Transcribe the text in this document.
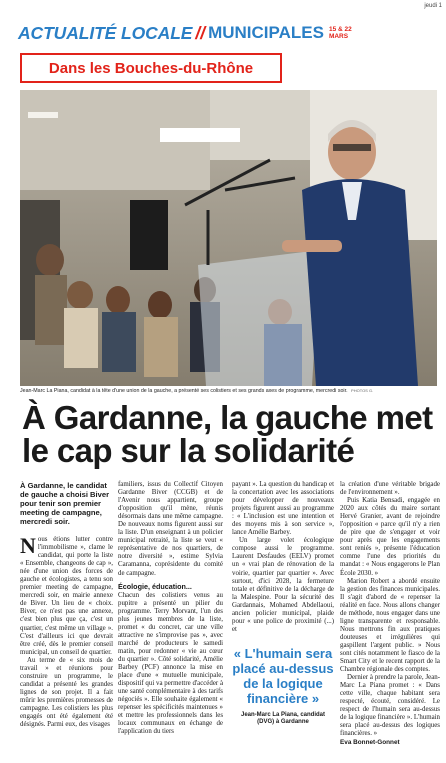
jeudi 1
ACTUALITÉ LOCALE // MUNICIPALES 15 & 22
MARS
Dans les Bouches-du-Rhône
Jean-Marc La Piana, candidat à la tête d'une union de la gauche, a présenté ses colistiers et ses grands axes de programme, mercredi soir. PHOTOS G.
À Gardanne, la gauche met le cap sur la solidarité
À Gardanne, le candidat de gauche a choisi Biver pour tenir son premier meeting de campagne, mercredi soir.

Nous étions lutter contre l'immobilisme », clame le candidat, qui porte la liste « Ensemble, changeons de cap », née d'une union des forces de gauche et écologistes, a tenu son premier meeting de campagne, mercredi soir, en mairie annexe de Biver. Un lieu de « choix. Biver, ce n'est pas une annexe, c'est bien plus que ça, c'est un quartier, c'est même un village ». C'est d'ailleurs ici que devrait être créé, dès le premier conseil municipal, un conseil de quartier.

Au terme de « six mois de travail » et réunions pour construire un programme, le candidat a présenté les grandes lignes de son projet. Il a fait mûrir les premières promesses de campagne. Les colistiers les plus engagés ont été également été désignés. Parmi eux, des visages

familiers, issus du Collectif Citoyen Gardanne Biver (CCGB) et de l'Avenir nous appartient, groupe d'opposition qu'il mène, réunis désormais dans une même campagne. De nouveaux noms figurent aussi sur la liste. D'un enseignant à un policier municipal retraité, la liste se veut « représentative de nos quartiers, de notre diversité », estime Sylvia Caramanna, coprésidente du comité de campagne.

Écologie, éducation...

Chacun des colistiers venus au pupitre a présenté un pilier du programme. Terry Morvant, l'un des plus jeunes membres de la liste, promet « du concret, car une ville attractive ne s'improvise pas », avec marché de producteurs le samedi matin, pour redonner « vie au cœur du quartier ». Côté solidarité, Amélie Barbey (PCF) annonce la mise en place d'une « mutuelle municipale, dispositif qui va permettre d'accéder à une santé complémentaire à des tarifs négociés ». Elle souhaite également « repenser les spécificités maintenues » et mettre les professionnels dans les locaux communaux en échange de l'application du tiers

payant ». La question du handicap et la concertation avec les associations pour développer de nouveaux projets figurent aussi au programme : « L'inclusion est une intention et des moyens mis à son service », lance Amélie Barbey.

Un large volet écologique compose aussi le programme. Laurent Desfaudes (EELV) promet un « vrai plan de rénovation de la voirie, quartier par quartier ». Avec surtout, d'ici 2028, la fermeture totale et définitive de la décharge de la Malespine. Pour la sécurité des Gardannais, Mohamed Abdellaoui, ancien policier municipal, plaide pour « une police de proximité (...) et

« L'humain sera placé au-dessus de la logique financière »
Jean-Marc La Piana, candidat (DVG) à Gardanne

la création d'une véritable brigade de l'environnement ».

Puis Katia Bensadi, engagée en 2020 aux côtés du maire sortant Hervé Granier, avant de rejoindre l'opposition « parce qu'il n'y a rien de pire que de s'engager et voir pour après que les engagements sont reniés », présente l'éducation comme l'une des priorités du mandat : « Nous engagerons le Plan École 2030. »

Marion Robert a abordé ensuite la gestion des finances municipales. Il s'agit d'abord de « repenser la réalité en face. Nous allons changer de méthode, nous engager dans une ligne transparente et responsable. Nous mettrons fin aux pratiques douteuses et irrégulières qui gaspillent l'argent public. » Nous sont cités notamment le fiasco de la Smart City et le recent rapport de la Chambre régionale des comptes.

Dernier à prendre la parole, Jean-Marc La Piana promet : « Dans cette ville, chaque habitant sera respecté, écouté, considéré. Le respect de l'humain sera au-dessus de la logique financière ». L'humain sera placé au-dessus des logiques financières. »

Eva Bonnet-Gonnet
